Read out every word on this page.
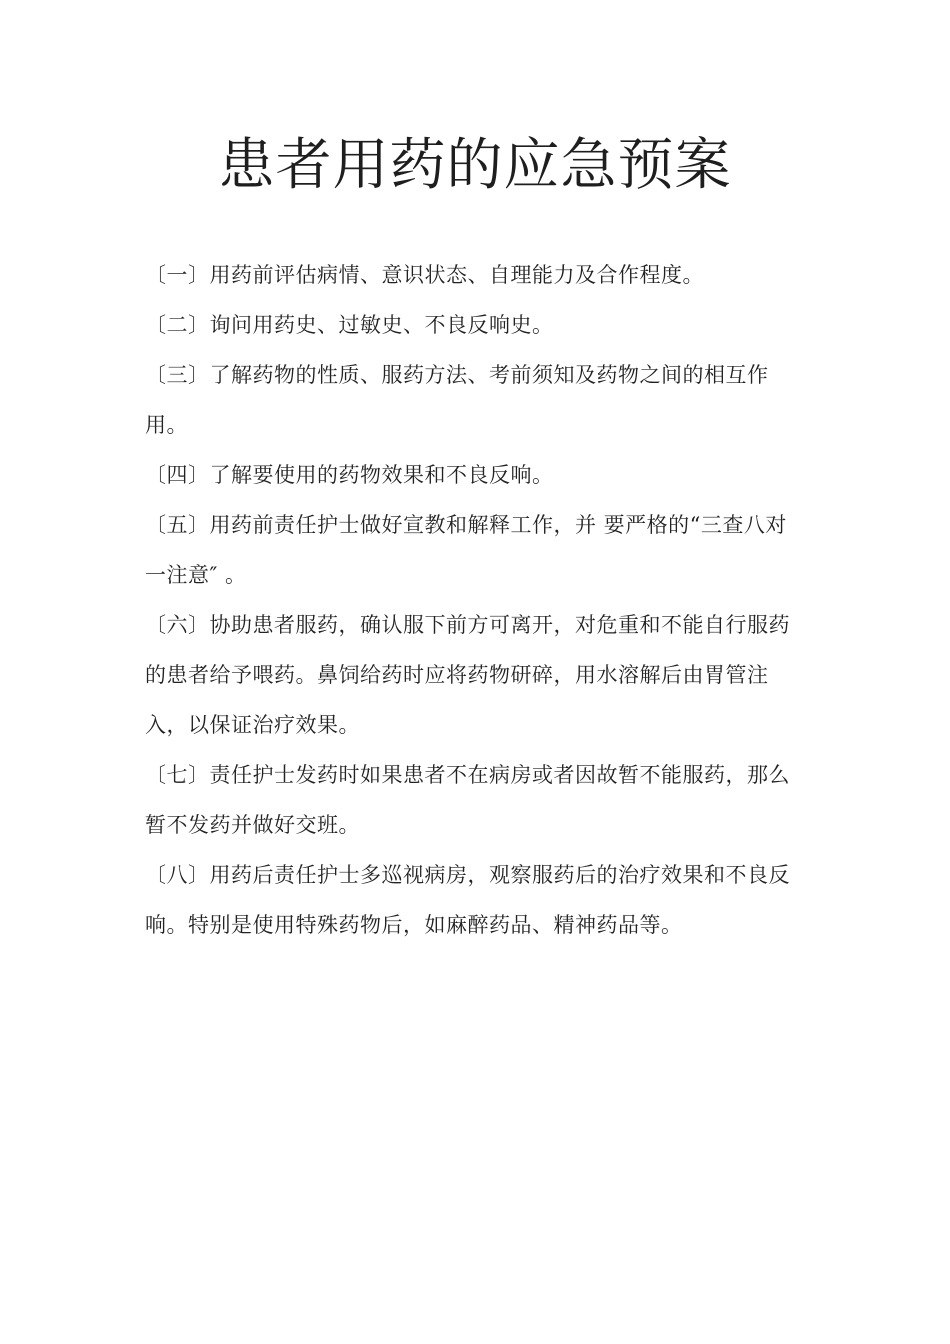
患者用药的应急预案

〔一〕用药前评估病情、意识状态、自理能力及合作程度。

〔二〕询问用药史、过敏史、不良反响史。

〔三〕了解药物的性质、服药方法、考前须知及药物之间的相互作用。

〔四〕了解要使用的药物效果和不良反响。

〔五〕用药前责任护士做好宣教和解释工作，并 要严格的“三查八对一注意″ 。

〔六〕协助患者服药，确认服下前方可离开，对危重和不能自行服药的患者给予喂药。鼻饲给药时应将药物研碎，用水溶解后由胃管注入，以保证治疗效果。

〔七〕责任护士发药时如果患者不在病房或者因故暂不能服药，那么暂不发药并做好交班。

〔八〕用药后责任护士多巡视病房，观察服药后的治疗效果和不良反响。特别是使用特殊药物后，如麻醉药品、精神药品等。
